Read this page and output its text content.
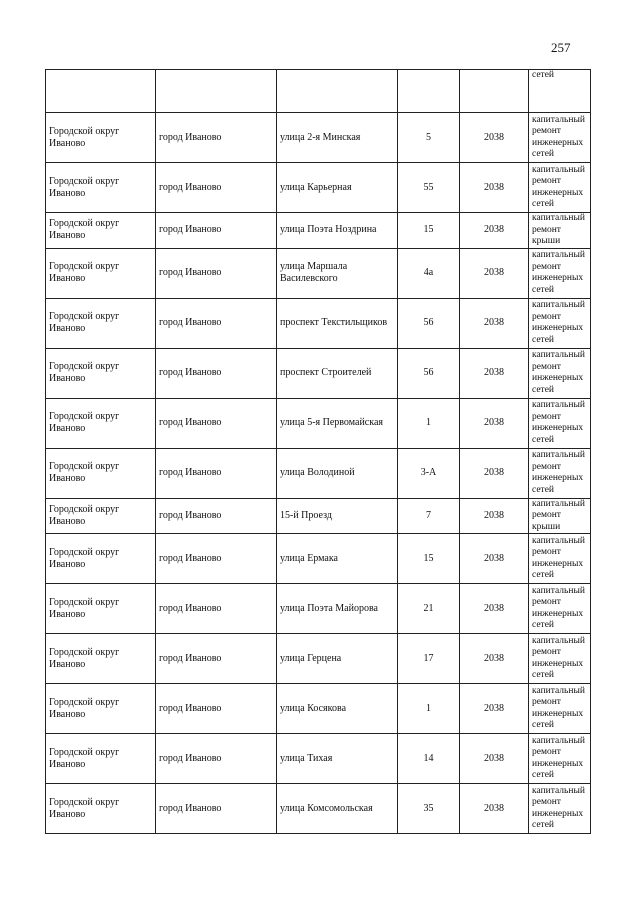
257
					сетей
Городской округ Иваново	город Иваново	улица 2-я Минская	5	2038	капитальный ремонт инженерных сетей
Городской округ Иваново	город Иваново	улица Карьерная	55	2038	капитальный ремонт инженерных сетей
Городской округ Иваново	город Иваново	улица Поэта Ноздрина	15	2038	капитальный ремонт крыши
Городской округ Иваново	город Иваново	улица Маршала Василевского	4а	2038	капитальный ремонт инженерных сетей
Городской округ Иваново	город Иваново	проспект Текстильщиков	56	2038	капитальный ремонт инженерных сетей
Городской округ Иваново	город Иваново	проспект Строителей	56	2038	капитальный ремонт инженерных сетей
Городской округ Иваново	город Иваново	улица 5-я Первомайская	1	2038	капитальный ремонт инженерных сетей
Городской округ Иваново	город Иваново	улица Володиной	3-А	2038	капитальный ремонт инженерных сетей
Городской округ Иваново	город Иваново	15-й Проезд	7	2038	капитальный ремонт крыши
Городской округ Иваново	город Иваново	улица Ермака	15	2038	капитальный ремонт инженерных сетей
Городской округ Иваново	город Иваново	улица Поэта Майорова	21	2038	капитальный ремонт инженерных сетей
Городской округ Иваново	город Иваново	улица Герцена	17	2038	капитальный ремонт инженерных сетей
Городской округ Иваново	город Иваново	улица Косякова	1	2038	капитальный ремонт инженерных сетей
Городской округ Иваново	город Иваново	улица Тихая	14	2038	капитальный ремонт инженерных сетей
Городской округ Иваново	город Иваново	улица Комсомольская	35	2038	капитальный ремонт инженерных сетей
